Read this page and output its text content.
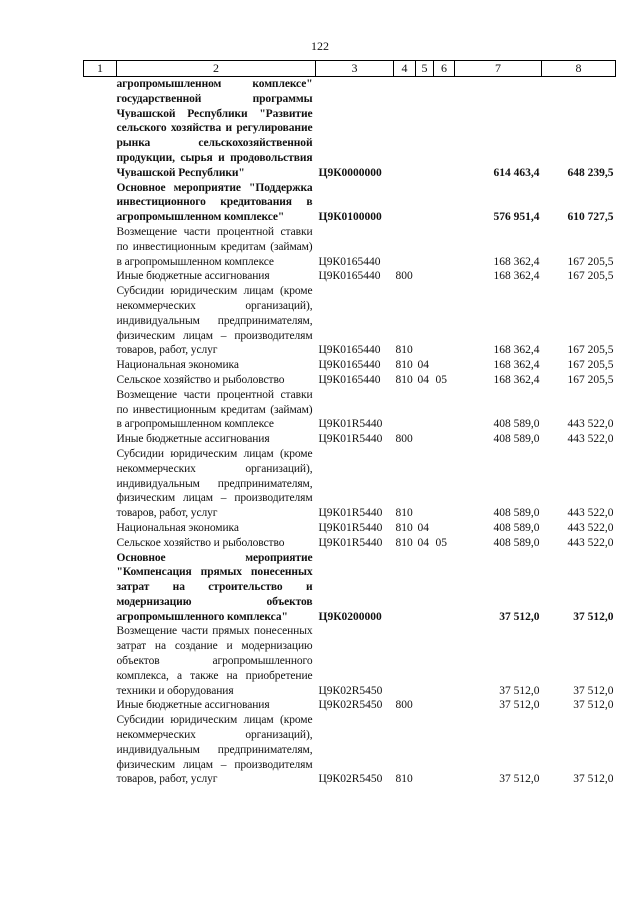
122
1	2	3	4	5	6	7	8
	агропромышленном комплексе" государственной программы Чувашской Республики "Развитие сельского хозяйства и регулирование рынка сельскохозяйственной продукции, сырья и продовольствия Чувашской Республики"	Ц9К0000000				614 463,4	648 239,5
	Основное мероприятие "Поддержка инвестиционного кредитования в агропромышленном комплексе"	Ц9К0100000				576 951,4	610 727,5
	Возмещение части процентной ставки по инвестиционным кредитам (займам) в агропромышленном комплексе	Ц9К0165440				168 362,4	167 205,5
	Иные бюджетные ассигнования	Ц9К0165440	800			168 362,4	167 205,5
	Субсидии юридическим лицам (кроме некоммерческих организаций), индивидуальным предпринимателям, физическим лицам – производителям товаров, работ, услуг	Ц9К0165440	810			168 362,4	167 205,5
	Национальная экономика	Ц9К0165440	810	04		168 362,4	167 205,5
	Сельское хозяйство и рыболовство	Ц9К0165440	810	04	05	168 362,4	167 205,5
	Возмещение части процентной ставки по инвестиционным кредитам (займам) в агропромышленном комплексе	Ц9К01R5440				408 589,0	443 522,0
	Иные бюджетные ассигнования	Ц9К01R5440	800			408 589,0	443 522,0
	Субсидии юридическим лицам (кроме некоммерческих организаций), индивидуальным предпринимателям, физическим лицам – производителям товаров, работ, услуг	Ц9К01R5440	810			408 589,0	443 522,0
	Национальная экономика	Ц9К01R5440	810	04		408 589,0	443 522,0
	Сельское хозяйство и рыболовство	Ц9К01R5440	810	04	05	408 589,0	443 522,0
	Основное мероприятие "Компенсация прямых понесенных затрат на строительство и модернизацию объектов агропромышленного комплекса"	Ц9К0200000				37 512,0	37 512,0
	Возмещение части прямых понесенных затрат на создание и модернизацию объектов агропромышленного комплекса, а также на приобретение техники и оборудования	Ц9К02R5450				37 512,0	37 512,0
	Иные бюджетные ассигнования	Ц9К02R5450	800			37 512,0	37 512,0
	Субсидии юридическим лицам (кроме некоммерческих организаций), индивидуальным предпринимателям, физическим лицам – производителям товаров, работ, услуг	Ц9К02R5450	810			37 512,0	37 512,0
